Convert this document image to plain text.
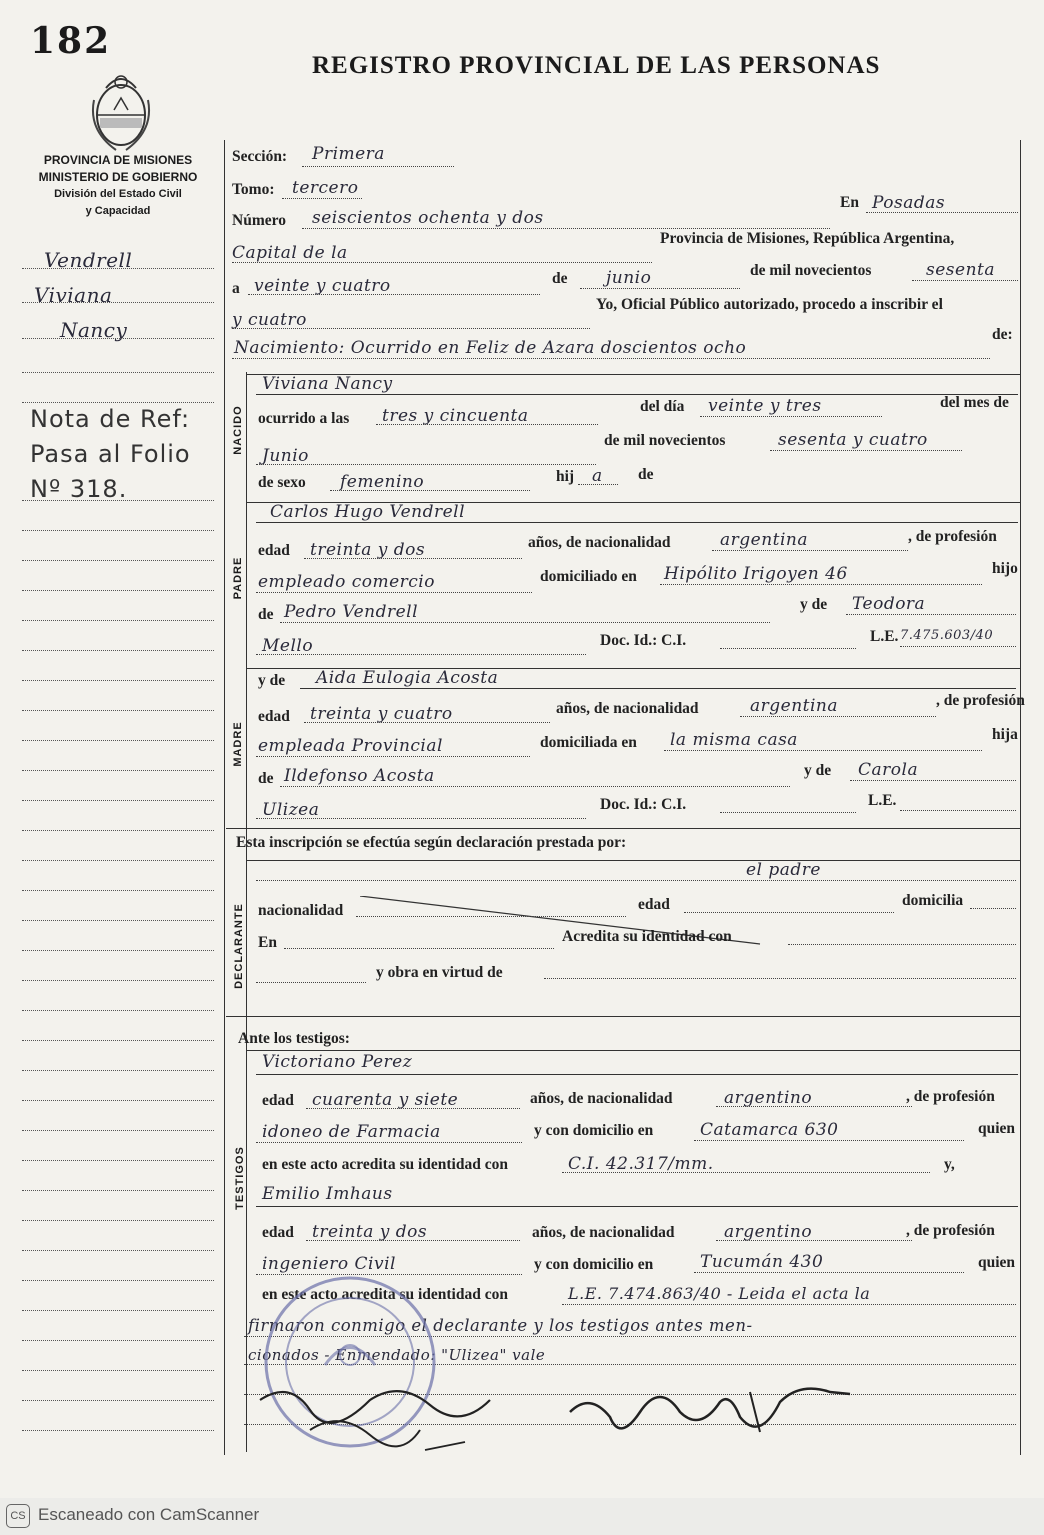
182
REGISTRO PROVINCIAL DE LAS PERSONAS
PROVINCIA DE MISIONES
MINISTERIO DE GOBIERNO
División del Estado Civil
y Capacidad
Vendrell
Viviana
Nancy
Nota de Ref:
Pasa al Folio
Nº 318.
Sección: Primera
Tomo: tercero
Número seiscientos ochenta y dos
En Posadas
Capital de la
Provincia de Misiones, República Argentina,
a veinte y cuatro	de junio	de mil novecientos	sesenta
y cuatro
Yo, Oficial Público autorizado, procedo a inscribir el
Nacimiento: Ocurrido en Feliz de Azara doscientos ocho
de:
NACIDO
Viviana Nancy
ocurrido a las tres y cincuenta	del día veinte y tres	del mes de
Junio
de mil novecientos	sesenta y cuatro
de sexo femenino	hij a de
PADRE
Carlos Hugo Vendrell
edad treinta y dos	años, de nacionalidad	argentina	, de profesión
empleado comercio	domiciliado en Hipólito Irigoyen 46	hijo
de Pedro Vendrell	y de Teodora
Mello	Doc. Id.: C.I.	L.E. 7.475.603/40
MADRE
y de Aida Eulogia Acosta
edad treinta y cuatro	años, de nacionalidad	argentina	, de profesión
empleada Provincial	domiciliada en la misma casa	hija
de Ildefonso Acosta	y de Carola
Ulizea	Doc. Id.: C.I.	L.E.
Esta inscripción se efectúa según declaración prestada por:
DECLARANTE
el padre
nacionalidad	edad	domicilia
En	Acredita su identidad con
y obra en virtud de
Ante los testigos:
TESTIGOS
Victoriano Perez
edad cuarenta y siete	años, de nacionalidad	argentino	, de profesión
idoneo de Farmacia	y con domicilio en	Catamarca 630	quien
en este acto acredita su identidad con	C.I. 42.317/mm.	y,
Emilio Imhaus
edad treinta y dos	años, de nacionalidad	argentino	, de profesión
ingeniero Civil	y con domicilio en	Tucumán 430	quien
en este acto acredita su identidad con	L.E. 7.474.863/40 - Leida el acta la
firmaron conmigo el declarante y los testigos antes men-
cionados - Enmendado: "Ulizea" vale
CS Escaneado con CamScanner
